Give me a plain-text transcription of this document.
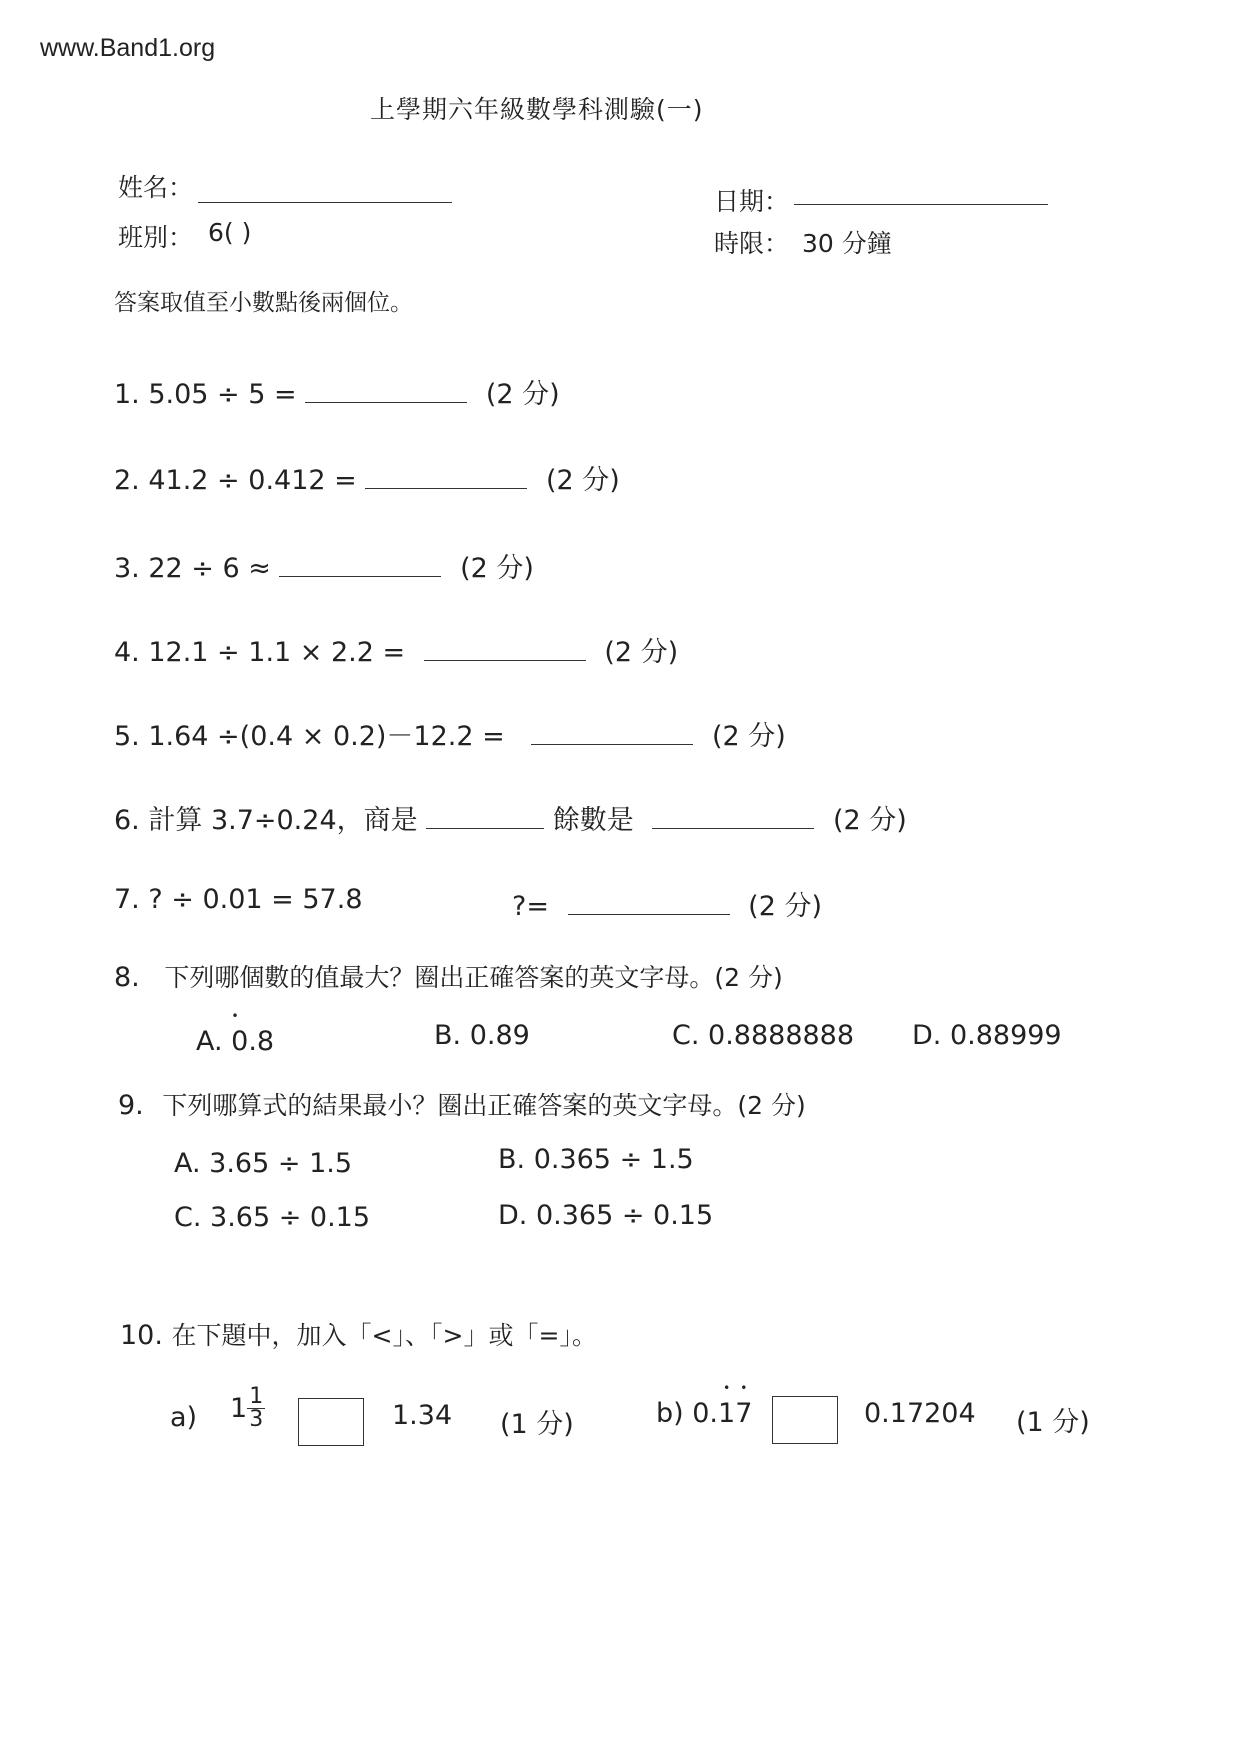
www.Band1.org
上學期六年級數學科測驗(一)
姓名：	日期：
班別： 6( )	時限： 30 分鐘
答案取值至小數點後兩個位。
1. 5.05 ÷ 5 =	(2 分)
2. 41.2 ÷ 0.412 =	(2 分)
3. 22 ÷ 6 ≈	(2 分)
4. 12.1 ÷ 1.1 × 2.2 =	(2 分)
5. 1.64 ÷(0.4 × 0.2)－12.2 =	(2 分)
6. 計算 3.7÷0.24，商是	餘數是	(2 分)
7. ? ÷ 0.01 = 57.8	?=	(2 分)
8. 下列哪個數的值最大？圈出正確答案的英文字母。(2 分)
• A. 0.8	B. 0.89	C. 0.8888888 D. 0.88999
9. 下列哪算式的結果最小？圈出正確答案的英文字母。(2 分)
A. 3.65 ÷ 1.5	B. 0.365 ÷ 1.5
C. 3.65 ÷ 0.15	D. 0.365 ÷ 0.15
10. 在下題中，加入「<」、「>」或「=」。
a) $1 \frac{1}{3}$	1.34 (1 分)	b) 0.• 1• 7	0.17204 (1 分)
